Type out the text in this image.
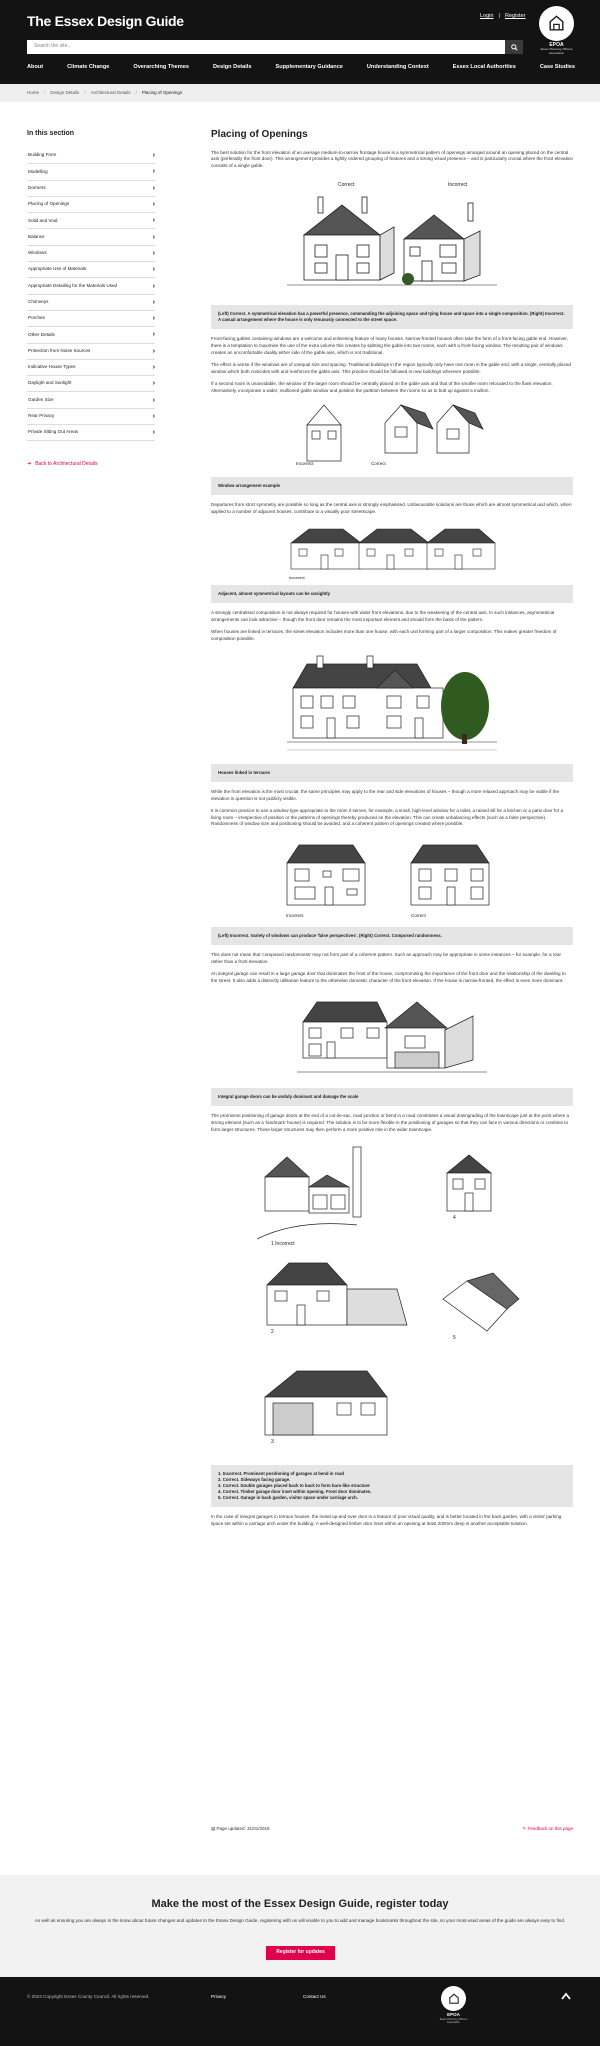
The Essex Design Guide	Login | Register
EPOA
Essex Planning Officers Association
Search the site...
About	Climate Change	Overarching Themes	Design Details	Supplementary Guidance	Understanding Context	Essex Local Authorities	Case Studies
Home / Design Details / Architectural Details / Placing of Openings
In this section
Building Form	›
Modelling	›
Dormers	›
Placing of Openings	›
Solid and Void	›
Balance	›
Windows	›
Appropriate Use of Materials	›
Appropriate Detailing for the Materials Used	›
Chimneys	›
Porches	›
Other Details	›
Protection from Noise Sources	›
Indicative House Types	›
Daylight and Sunlight	›
Garden Size	›
Rear Privacy	›
Private Sitting Out Areas	›
➜ Back to Architectural Details
Placing of Openings

The best solution for the front elevation of an average medium-to-narrow frontage house is a symmetrical pattern of openings arranged around an opening placed on the central axis (preferably the front door). This arrangement provides a tightly ordered grouping of features and a strong visual presence – and is particularly crucial where the front elevation consists of a single gable.

Correct	Incorrect
(Left) Correct. A symmetrical elevation has a powerful presence, commanding the adjoining space and tying house and space into a single composition. (Right) Incorrect. A casual arrangement where the house is only tenuously connected to the street space.

Front-facing gables containing windows are a welcome and enlivening feature of many houses. Narrow-fronted houses often take the form of a front-facing gable end. However, there is a temptation to maximise the use of the extra volume this creates by splitting the gable into two rooms, each with a front-facing window. The resulting pair of windows creates an uncomfortable duality either side of the gable axis, which is not traditional.

The effect is worse if the windows are of unequal size and spacing. Traditional buildings in the region typically only have one room in the gable end, with a single, centrally placed window which both coincides with and reinforces the gable axis. This practice should be followed in new buildings wherever possible.

If a second room is unavoidable, the window of the larger room should be centrally placed on the gable axis and that of the smaller room relocated to the flank elevation. Alternatively, incorporate a wider, mullioned gable window and position the partition between the rooms so as to butt up against a mullion.

Incorrect	Correct
Window arrangement example

Departures from strict symmetry are possible so long as the central axis is strongly emphasised. Unfavourable solutions are those which are almost symmetrical and which, when applied to a number of adjacent houses, contribute to a visually poor streetscape.

Incorrect
Adjacent, almost symmetrical layouts can be unsightly

A strongly centralised composition is not always required for houses with wider front elevations, due to the weakening of the central axis. In such instances, asymmetrical arrangements can look attractive – though the front door remains the most important element and should form the basis of the pattern.

When houses are linked in terraces, the street elevation includes more than one house, with each unit forming part of a larger composition. This makes greater freedom of composition possible.

Houses linked in terraces

While the front elevation is the most crucial, the same principles may apply to the rear and side elevations of houses – though a more relaxed approach may be viable if the elevation in question is not publicly visible.

It is common practice to use a window type appropriate to the room it serves, for example, a small, high-level window for a toilet, a raised sill for a kitchen or a patio door for a living room – irrespective of position or the patterns of openings thereby produced on the elevation. This can create unbalancing effects (such as a false perspective). Randomness of window size and positioning should be avoided, and a coherent pattern of openings created where possible.

Incorrect	Correct
(Left) Incorrect. Variety of windows can produce 'false perspectives'. (Right) Correct. Composed randomness.

This does not mean that 'composed randomness' may not form part of a coherent pattern. Such an approach may be appropriate in some instances – for example, for a rear rather than a front elevation.

An integral garage can result in a large garage door that dominates the front of the house, compromising the importance of the front door and the relationship of the dwelling to the street. It also adds a distinctly utilitarian feature to the otherwise domestic character of the front elevation. If the house is narrow-fronted, the effect is even more dominant.

Integral garage doors can be unduly dominant and damage the scale

The prominent positioning of garage doors at the end of a cul-de-sac, road junction or bend in a road constitutes a visual downgrading of the townscape just at the point where a strong element (such as a 'landmark' house) is required. The solution is to be more flexible in the positioning of garages so that they can face in various directions or combine to form larger structures. These larger structures may then perform a more positive role in the wider townscape.

1 Incorrect
2
3
4
5
1. Incorrect. Prominent positioning of garages at bend in road
2. Correct. Sideways facing garage.
3. Correct. Double garages placed back to back to form barn-like structure
4. Correct. Timber garage door inset within opening. Front door dominates.
5. Correct. Garage in back garden, visitor space under carriage arch.

In the case of integral garages in terrace houses, the metal up-and-over door is a feature of poor visual quality, and is better located in the back garden, with a visitor parking space set within a carriage arch under the building. A well-designed timber door inset within an opening at least 200mm deep is another acceptable solution.

▤ Page updated: 31/01/2018	✎ Feedback on this page
Make the most of the Essex Design Guide, register today

As well as ensuring you are always in the know about future changes and updates to the Essex Design Guide, registering with us will enable to you to add and manage bookmarks throughout the site, so your most-used areas of the guide are always easy to find.

Register for updates
© 2023 Copyright Essex County Council. All rights reserved.	Privacy	Contact Us
EPOA
Essex Planning Officers Association
